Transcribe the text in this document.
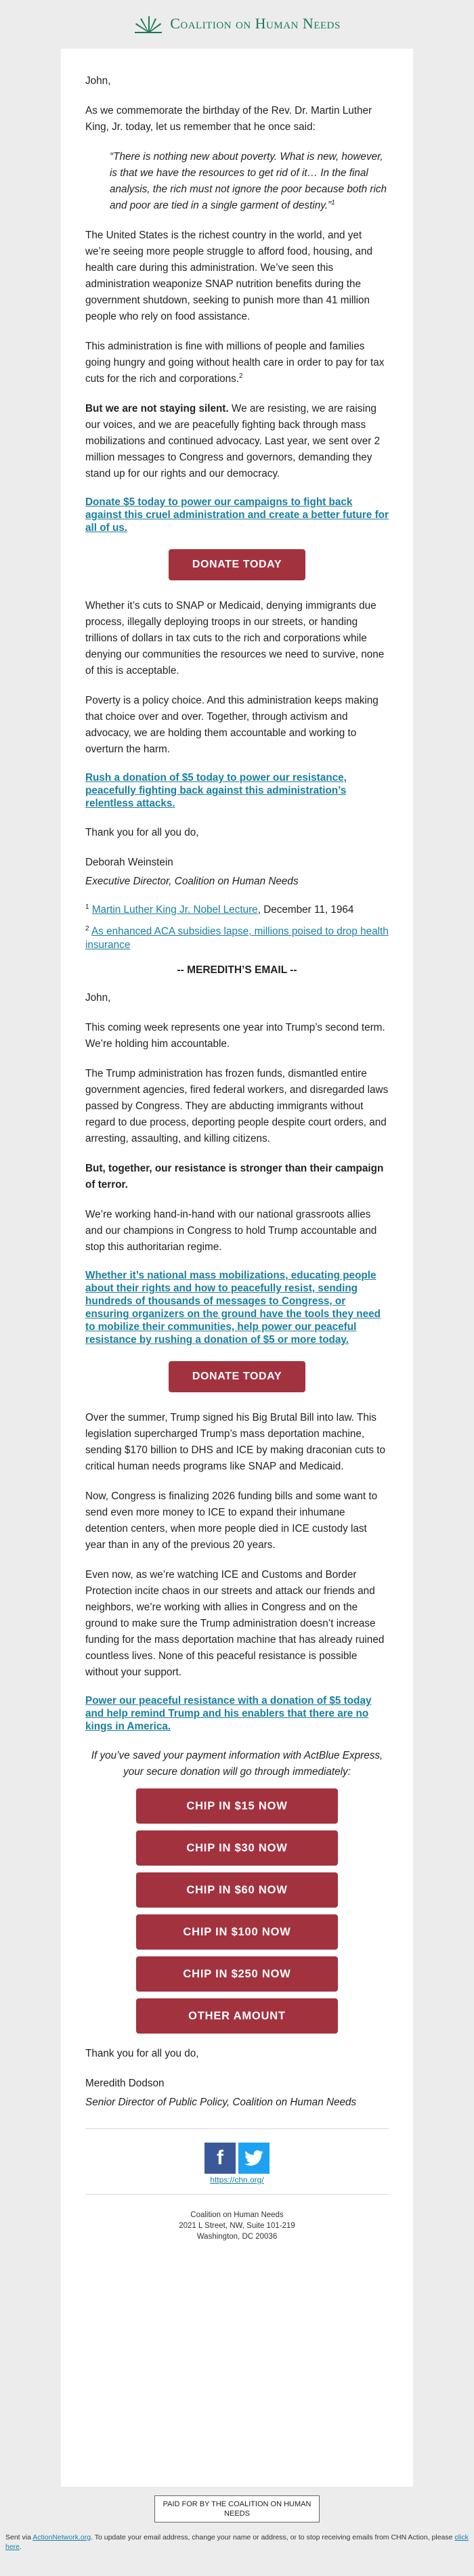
Coalition on Human Needs

John,

As we commemorate the birthday of the Rev. Dr. Martin Luther King, Jr. today, let us remember that he once said:

“There is nothing new about poverty. What is new, however, is that we have the resources to get rid of it… In the final analysis, the rich must not ignore the poor because both rich and poor are tied in a single garment of destiny.”$^1$

The United States is the richest country in the world, and yet we’re seeing more people struggle to afford food, housing, and health care during this administration. We’ve seen this administration weaponize SNAP nutrition benefits during the government shutdown, seeking to punish more than 41 million people who rely on food assistance.

This administration is fine with millions of people and families going hungry and going without health care in order to pay for tax cuts for the rich and corporations.$^2$

But we are not staying silent. We are resisting, we are raising our voices, and we are peacefully fighting back through mass mobilizations and continued advocacy. Last year, we sent over 2 million messages to Congress and governors, demanding they stand up for our rights and our democracy.

Donate $5 today to power our campaigns to fight back against this cruel administration and create a better future for all of us.
DONATE TODAY

Whether it’s cuts to SNAP or Medicaid, denying immigrants due process, illegally deploying troops in our streets, or handing trillions of dollars in tax cuts to the rich and corporations while denying our communities the resources we need to survive, none of this is acceptable.

Poverty is a policy choice. And this administration keeps making that choice over and over. Together, through activism and advocacy, we are holding them accountable and working to overturn the harm.

Rush a donation of $5 today to power our resistance, peacefully fighting back against this administration’s relentless attacks.

Thank you for all you do,

Deborah Weinstein

Executive Director, Coalition on Human Needs

$^1$ Martin Luther King Jr. Nobel Lecture, December 11, 1964

$^2$ As enhanced ACA subsidies lapse, millions poised to drop health insurance

-- MEREDITH’S EMAIL --

John,

This coming week represents one year into Trump’s second term. We’re holding him accountable.

The Trump administration has frozen funds, dismantled entire government agencies, fired federal workers, and disregarded laws passed by Congress. They are abducting immigrants without regard to due process, deporting people despite court orders, and arresting, assaulting, and killing citizens.

But, together, our resistance is stronger than their campaign of terror.

We’re working hand-in-hand with our national grassroots allies and our champions in Congress to hold Trump accountable and stop this authoritarian regime.

Whether it’s national mass mobilizations, educating people about their rights and how to peacefully resist, sending hundreds of thousands of messages to Congress, or ensuring organizers on the ground have the tools they need to mobilize their communities, help power our peaceful resistance by rushing a donation of $5 or more today.
DONATE TODAY

Over the summer, Trump signed his Big Brutal Bill into law. This legislation supercharged Trump’s mass deportation machine, sending $170 billion to DHS and ICE by making draconian cuts to critical human needs programs like SNAP and Medicaid.

Now, Congress is finalizing 2026 funding bills and some want to send even more money to ICE to expand their inhumane detention centers, when more people died in ICE custody last year than in any of the previous 20 years.

Even now, as we’re watching ICE and Customs and Border Protection incite chaos in our streets and attack our friends and neighbors, we’re working with allies in Congress and on the ground to make sure the Trump administration doesn’t increase funding for the mass deportation machine that has already ruined countless lives. None of this peaceful resistance is possible without your support.

Power our peaceful resistance with a donation of $5 today and help remind Trump and his enablers that there are no kings in America.

If you’ve saved your payment information with ActBlue Express, your secure donation will go through immediately:

CHIP IN $15 NOW
CHIP IN $30 NOW
CHIP IN $60 NOW
CHIP IN $100 NOW
CHIP IN $250 NOW
OTHER AMOUNT

Thank you for all you do,

Meredith Dodson

Senior Director of Public Policy, Coalition on Human Needs

f
https://chn.org/
Coalition on Human Needs
2021 L Street, NW, Suite 101-219
Washington, DC 20036
PAID FOR BY THE COALITION ON HUMAN NEEDS
Sent via ActionNetwork.org. To update your email address, change your name or address, or to stop receiving emails from CHN Action, please click here.
